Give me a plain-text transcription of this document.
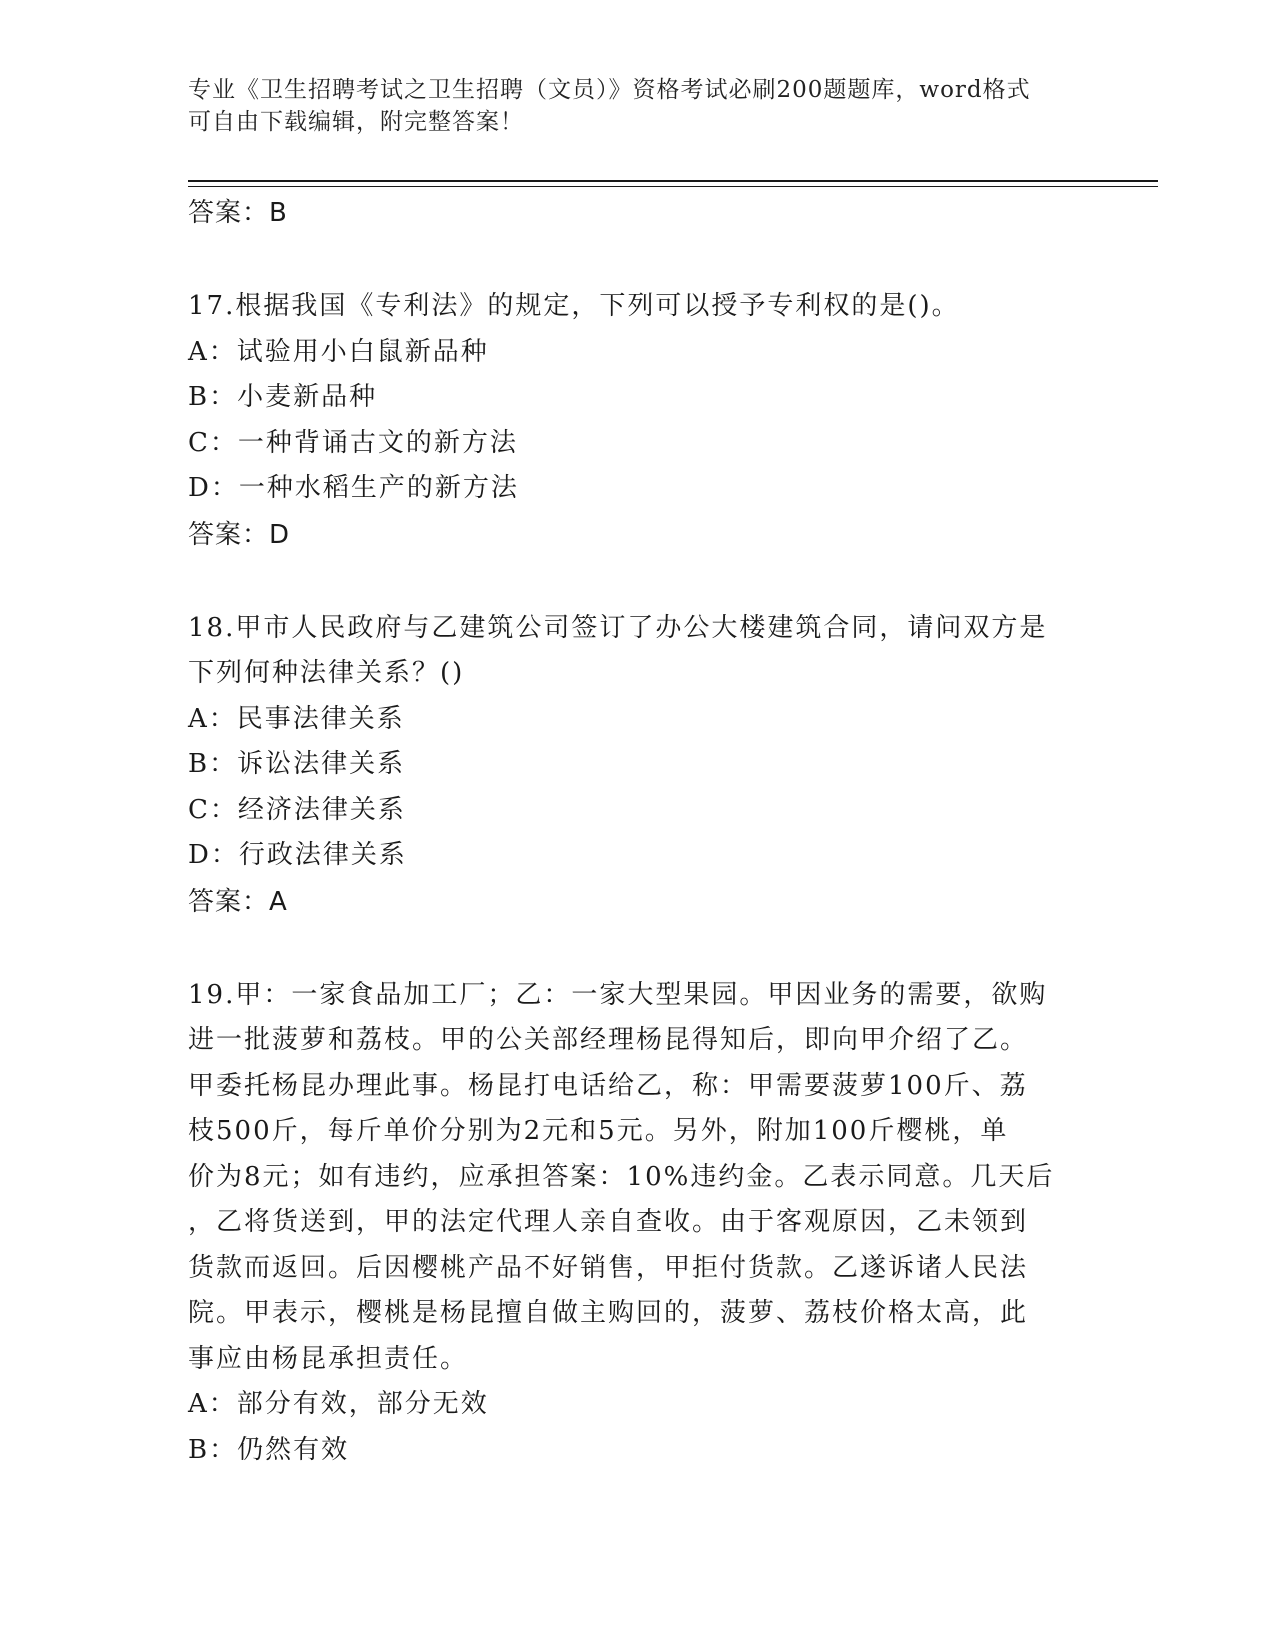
专业《卫生招聘考试之卫生招聘（文员）》资格考试必刷200题题库，word格式
可自由下载编辑，附完整答案！
答案：B
17.根据我国《专利法》的规定，下列可以授予专利权的是()。
A：试验用小白鼠新品种
B：小麦新品种
C：一种背诵古文的新方法
D：一种水稻生产的新方法
答案：D
18.甲市人民政府与乙建筑公司签订了办公大楼建筑合同，请问双方是
下列何种法律关系？()
A：民事法律关系
B：诉讼法律关系
C：经济法律关系
D：行政法律关系
答案：A
19.甲：一家食品加工厂；乙：一家大型果园。甲因业务的需要，欲购
进一批菠萝和荔枝。甲的公关部经理杨昆得知后，即向甲介绍了乙。
甲委托杨昆办理此事。杨昆打电话给乙，称：甲需要菠萝100斤、荔
枝500斤，每斤单价分别为2元和5元。另外，附加100斤樱桃，单
价为8元；如有违约，应承担答案：10%违约金。乙表示同意。几天后
，乙将货送到，甲的法定代理人亲自查收。由于客观原因，乙未领到
货款而返回。后因樱桃产品不好销售，甲拒付货款。乙遂诉诸人民法
院。甲表示，樱桃是杨昆擅自做主购回的，菠萝、荔枝价格太高，此
事应由杨昆承担责任。
A：部分有效，部分无效
B：仍然有效
